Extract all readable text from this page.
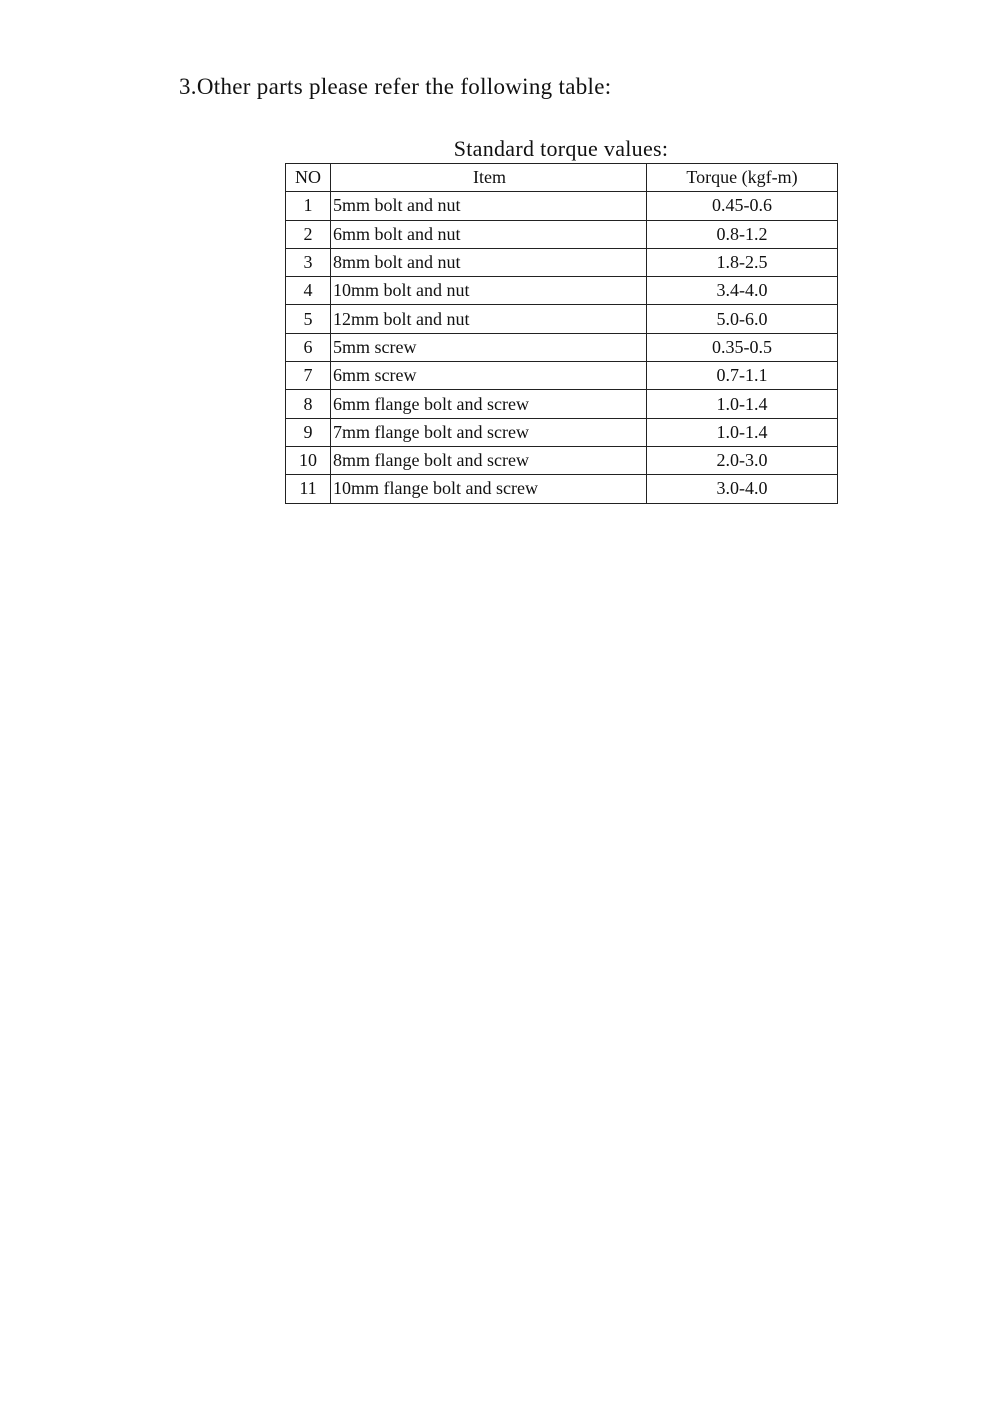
3.Other parts please refer the following table:
Standard torque values:
NO	Item	Torque (kgf-m)
1	5mm bolt and nut	0.45-0.6
2	6mm bolt and nut	0.8-1.2
3	8mm bolt and nut	1.8-2.5
4	10mm bolt and nut	3.4-4.0
5	12mm bolt and nut	5.0-6.0
6	5mm screw	0.35-0.5
7	6mm screw	0.7-1.1
8	6mm flange bolt and screw	1.0-1.4
9	7mm flange bolt and screw	1.0-1.4
10	8mm flange bolt and screw	2.0-3.0
11	10mm flange bolt and screw	3.0-4.0
